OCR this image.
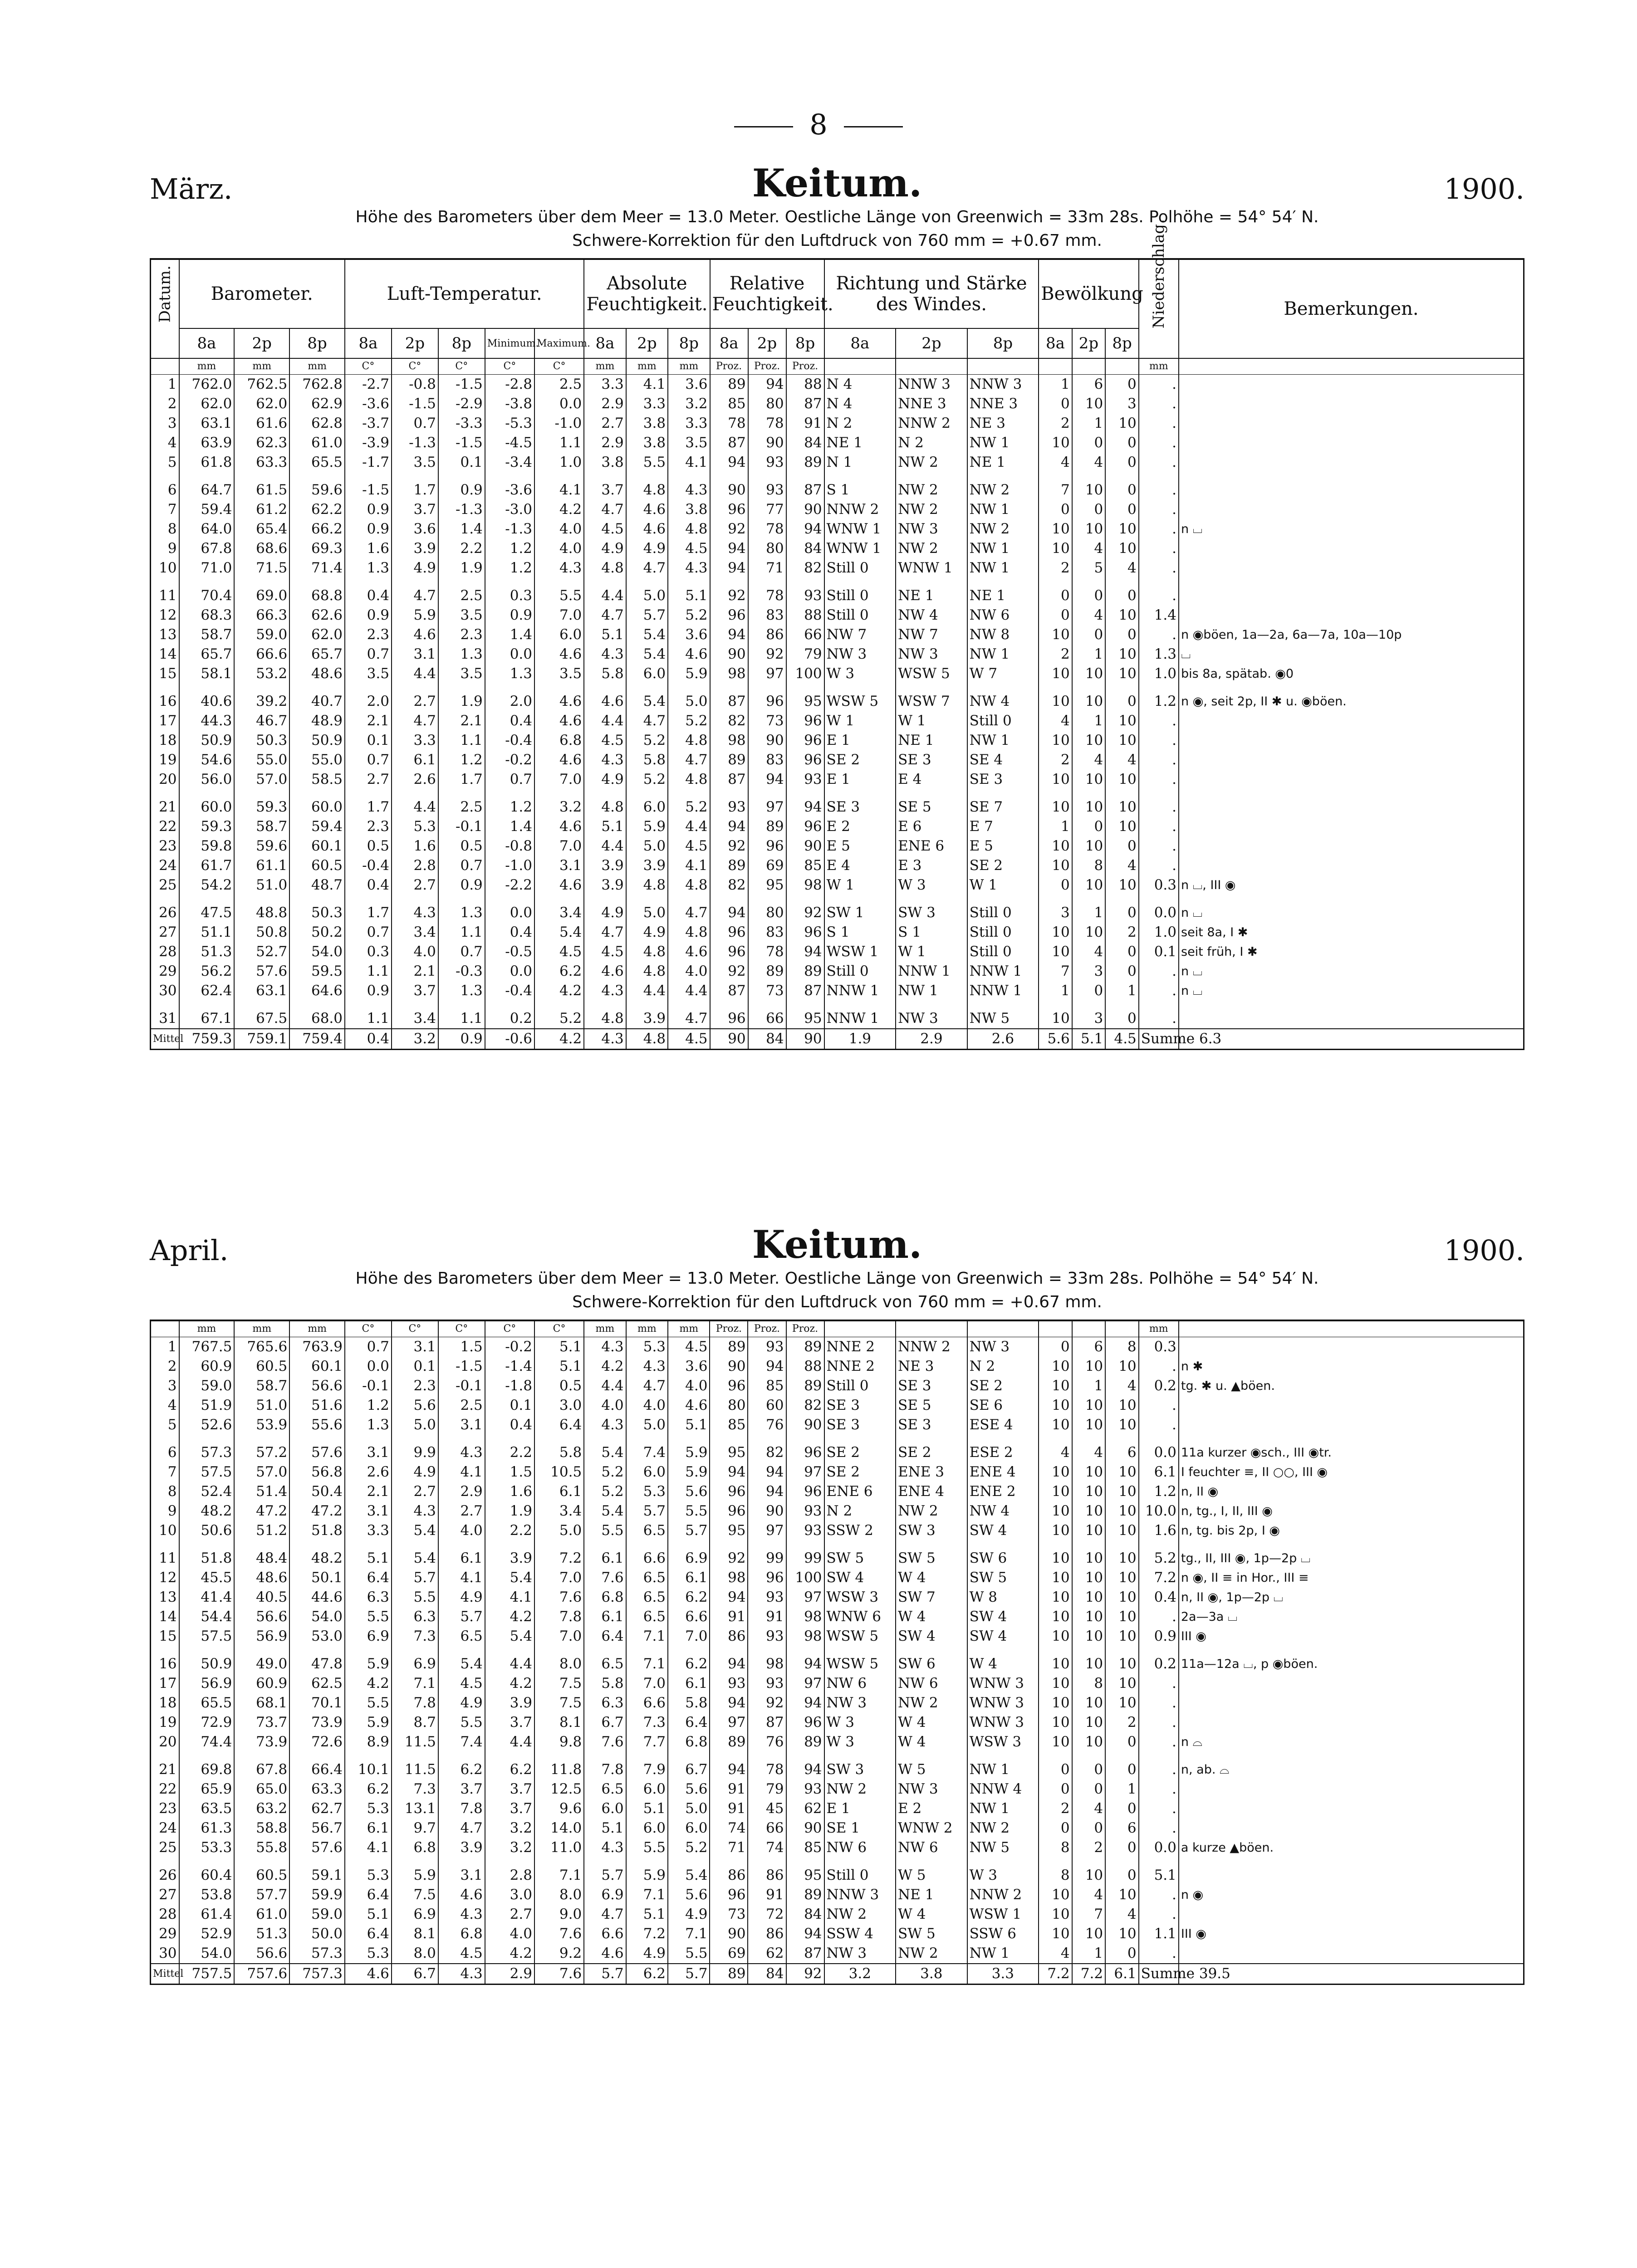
8
März.	Keitum.	1900.
Höhe des Barometers über dem Meer = 13.0 Meter. Oestliche Länge von Greenwich = 33m 28s. Polhöhe = 54° 54′ N.
Schwere-Korrektion für den Luftdruck von 760 mm = +0.67 mm.
Datum.	Barometer.			Luft-Temperatur.					Absolute Feuchtigkeit.			Relative Feuchtigkeit.			Richtung und Stärke des Windes.			Bewölkung			Niederschlag.	Bemerkungen.
	8a	2p	8p	8a	2p	8p	Minimum.	Maximum.	8a	2p	8p	8a	2p	8p	8a	2p	8p	8a	2p	8p		
	mm	mm	mm	C°	C°	C°	C°	C°	mm	mm	mm	Proz.	Proz.	Proz.							mm	
1	762.0	762.5	762.8	-2.7	-0.8	-1.5	-2.8	2.5	3.3	4.1	3.6	89	94	88	N 4	NNW 3	NNW 3	1	6	0	.	
2	62.0	62.0	62.9	-3.6	-1.5	-2.9	-3.8	0.0	2.9	3.3	3.2	85	80	87	N 4	NNE 3	NNE 3	0	10	3	.	
3	63.1	61.6	62.8	-3.7	0.7	-3.3	-5.3	-1.0	2.7	3.8	3.3	78	78	91	N 2	NNW 2	NE 3	2	1	10	.	
4	63.9	62.3	61.0	-3.9	-1.3	-1.5	-4.5	1.1	2.9	3.8	3.5	87	90	84	NE 1	N 2	NW 1	10	0	0	.	
5	61.8	63.3	65.5	-1.7	3.5	0.1	-3.4	1.0	3.8	5.5	4.1	94	93	89	N 1	NW 2	NE 1	4	4	0	.	

6	64.7	61.5	59.6	-1.5	1.7	0.9	-3.6	4.1	3.7	4.8	4.3	90	93	87	S 1	NW 2	NW 2	7	10	0	.	
7	59.4	61.2	62.2	0.9	3.7	-1.3	-3.0	4.2	4.7	4.6	3.8	96	77	90	NNW 2	NW 2	NW 1	0	0	0	.	
8	64.0	65.4	66.2	0.9	3.6	1.4	-1.3	4.0	4.5	4.6	4.8	92	78	94	WNW 1	NW 3	NW 2	10	10	10	.	n ⌴
9	67.8	68.6	69.3	1.6	3.9	2.2	1.2	4.0	4.9	4.9	4.5	94	80	84	WNW 1	NW 2	NW 1	10	4	10	.	
10	71.0	71.5	71.4	1.3	4.9	1.9	1.2	4.3	4.8	4.7	4.3	94	71	82	Still 0	WNW 1	NW 1	2	5	4	.	

11	70.4	69.0	68.8	0.4	4.7	2.5	0.3	5.5	4.4	5.0	5.1	92	78	93	Still 0	NE 1	NE 1	0	0	0	.	
12	68.3	66.3	62.6	0.9	5.9	3.5	0.9	7.0	4.7	5.7	5.2	96	83	88	Still 0	NW 4	NW 6	0	4	10	1.4	
13	58.7	59.0	62.0	2.3	4.6	2.3	1.4	6.0	5.1	5.4	3.6	94	86	66	NW 7	NW 7	NW 8	10	0	0	.	n ◉böen, 1a—2a, 6a—7a, 10a—10p
14	65.7	66.6	65.7	0.7	3.1	1.3	0.0	4.6	4.3	5.4	4.6	90	92	79	NW 3	NW 3	NW 1	2	1	10	1.3	⌴
15	58.1	53.2	48.6	3.5	4.4	3.5	1.3	3.5	5.8	6.0	5.9	98	97	100	W 3	WSW 5	W 7	10	10	10	1.0	bis 8a, spätab. ◉0

16	40.6	39.2	40.7	2.0	2.7	1.9	2.0	4.6	4.6	5.4	5.0	87	96	95	WSW 5	WSW 7	NW 4	10	10	0	1.2	n ◉, seit 2p, II ✱ u. ◉böen.
17	44.3	46.7	48.9	2.1	4.7	2.1	0.4	4.6	4.4	4.7	5.2	82	73	96	W 1	W 1	Still 0	4	1	10	.	
18	50.9	50.3	50.9	0.1	3.3	1.1	-0.4	6.8	4.5	5.2	4.8	98	90	96	E 1	NE 1	NW 1	10	10	10	.	
19	54.6	55.0	55.0	0.7	6.1	1.2	-0.2	4.6	4.3	5.8	4.7	89	83	96	SE 2	SE 3	SE 4	2	4	4	.	
20	56.0	57.0	58.5	2.7	2.6	1.7	0.7	7.0	4.9	5.2	4.8	87	94	93	E 1	E 4	SE 3	10	10	10	.	

21	60.0	59.3	60.0	1.7	4.4	2.5	1.2	3.2	4.8	6.0	5.2	93	97	94	SE 3	SE 5	SE 7	10	10	10	.	
22	59.3	58.7	59.4	2.3	5.3	-0.1	1.4	4.6	5.1	5.9	4.4	94	89	96	E 2	E 6	E 7	1	0	10	.	
23	59.8	59.6	60.1	0.5	1.6	0.5	-0.8	7.0	4.4	5.0	4.5	92	96	90	E 5	ENE 6	E 5	10	10	0	.	
24	61.7	61.1	60.5	-0.4	2.8	0.7	-1.0	3.1	3.9	3.9	4.1	89	69	85	E 4	E 3	SE 2	10	8	4	.	
25	54.2	51.0	48.7	0.4	2.7	0.9	-2.2	4.6	3.9	4.8	4.8	82	95	98	W 1	W 3	W 1	0	10	10	0.3	n ⌴, III ◉

26	47.5	48.8	50.3	1.7	4.3	1.3	0.0	3.4	4.9	5.0	4.7	94	80	92	SW 1	SW 3	Still 0	3	1	0	0.0	n ⌴
27	51.1	50.8	50.2	0.7	3.4	1.1	0.4	5.4	4.7	4.9	4.8	96	83	96	S 1	S 1	Still 0	10	10	2	1.0	seit 8a, I ✱
28	51.3	52.7	54.0	0.3	4.0	0.7	-0.5	4.5	4.5	4.8	4.6	96	78	94	WSW 1	W 1	Still 0	10	4	0	0.1	seit früh, I ✱
29	56.2	57.6	59.5	1.1	2.1	-0.3	0.0	6.2	4.6	4.8	4.0	92	89	89	Still 0	NNW 1	NNW 1	7	3	0	.	n ⌴
30	62.4	63.1	64.6	0.9	3.7	1.3	-0.4	4.2	4.3	4.4	4.4	87	73	87	NNW 1	NW 1	NNW 1	1	0	1	.	n ⌴

31	67.1	67.5	68.0	1.1	3.4	1.1	0.2	5.2	4.8	3.9	4.7	96	66	95	NNW 1	NW 3	NW 5	10	3	0	.	
Mittel	759.3	759.1	759.4	0.4	3.2	0.9	-0.6	4.2	4.3	4.8	4.5	90	84	90	1.9	2.9	2.6	5.6	5.1	4.5	Summe 6.3	
April.	Keitum.	1900.
Höhe des Barometers über dem Meer = 13.0 Meter. Oestliche Länge von Greenwich = 33m 28s. Polhöhe = 54° 54′ N.
Schwere-Korrektion für den Luftdruck von 760 mm = +0.67 mm.
	mm	mm	mm	C°	C°	C°	C°	C°	mm	mm	mm	Proz.	Proz.	Proz.							mm	
1	767.5	765.6	763.9	0.7	3.1	1.5	-0.2	5.1	4.3	5.3	4.5	89	93	89	NNE 2	NNW 2	NW 3	0	6	8	0.3	
2	60.9	60.5	60.1	0.0	0.1	-1.5	-1.4	5.1	4.2	4.3	3.6	90	94	88	NNE 2	NE 3	N 2	10	10	10	.	n ✱
3	59.0	58.7	56.6	-0.1	2.3	-0.1	-1.8	0.5	4.4	4.7	4.0	96	85	89	Still 0	SE 3	SE 2	10	1	4	0.2	tg. ✱ u. ▲böen.
4	51.9	51.0	51.6	1.2	5.6	2.5	0.1	3.0	4.0	4.0	4.6	80	60	82	SE 3	SE 5	SE 6	10	10	10	.	
5	52.6	53.9	55.6	1.3	5.0	3.1	0.4	6.4	4.3	5.0	5.1	85	76	90	SE 3	SE 3	ESE 4	10	10	10	.	

6	57.3	57.2	57.6	3.1	9.9	4.3	2.2	5.8	5.4	7.4	5.9	95	82	96	SE 2	SE 2	ESE 2	4	4	6	0.0	11a kurzer ◉sch., III ◉tr.
7	57.5	57.0	56.8	2.6	4.9	4.1	1.5	10.5	5.2	6.0	5.9	94	94	97	SE 2	ENE 3	ENE 4	10	10	10	6.1	I feuchter ≡, II ○○, III ◉
8	52.4	51.4	50.4	2.1	2.7	2.9	1.6	6.1	5.2	5.3	5.6	96	94	96	ENE 6	ENE 4	ENE 2	10	10	10	1.2	n, II ◉
9	48.2	47.2	47.2	3.1	4.3	2.7	1.9	3.4	5.4	5.7	5.5	96	90	93	N 2	NW 2	NW 4	10	10	10	10.0	n, tg., I, II, III ◉
10	50.6	51.2	51.8	3.3	5.4	4.0	2.2	5.0	5.5	6.5	5.7	95	97	93	SSW 2	SW 3	SW 4	10	10	10	1.6	n, tg. bis 2p, I ◉

11	51.8	48.4	48.2	5.1	5.4	6.1	3.9	7.2	6.1	6.6	6.9	92	99	99	SW 5	SW 5	SW 6	10	10	10	5.2	tg., II, III ◉, 1p—2p ⌴
12	45.5	48.6	50.1	6.4	5.7	4.1	5.4	7.0	7.6	6.5	6.1	98	96	100	SW 4	W 4	SW 5	10	10	10	7.2	n ◉, II ≡ in Hor., III ≡
13	41.4	40.5	44.6	6.3	5.5	4.9	4.1	7.6	6.8	6.5	6.2	94	93	97	WSW 3	SW 7	W 8	10	10	10	0.4	n, II ◉, 1p—2p ⌴
14	54.4	56.6	54.0	5.5	6.3	5.7	4.2	7.8	6.1	6.5	6.6	91	91	98	WNW 6	W 4	SW 4	10	10	10	.	2a—3a ⌴
15	57.5	56.9	53.0	6.9	7.3	6.5	5.4	7.0	6.4	7.1	7.0	86	93	98	WSW 5	SW 4	SW 4	10	10	10	0.9	III ◉

16	50.9	49.0	47.8	5.9	6.9	5.4	4.4	8.0	6.5	7.1	6.2	94	98	94	WSW 5	SW 6	W 4	10	10	10	0.2	11a—12a ⌴, p ◉böen.
17	56.9	60.9	62.5	4.2	7.1	4.5	4.2	7.5	5.8	7.0	6.1	93	93	97	NW 6	NW 6	WNW 3	10	8	10	.	
18	65.5	68.1	70.1	5.5	7.8	4.9	3.9	7.5	6.3	6.6	5.8	94	92	94	NW 3	NW 2	WNW 3	10	10	10	.	
19	72.9	73.7	73.9	5.9	8.7	5.5	3.7	8.1	6.7	7.3	6.4	97	87	96	W 3	W 4	WNW 3	10	10	2	.	
20	74.4	73.9	72.6	8.9	11.5	7.4	4.4	9.8	7.6	7.7	6.8	89	76	89	W 3	W 4	WSW 3	10	10	0	.	n ⌓

21	69.8	67.8	66.4	10.1	11.5	6.2	6.2	11.8	7.8	7.9	6.7	94	78	94	SW 3	W 5	NW 1	0	0	0	.	n, ab. ⌓
22	65.9	65.0	63.3	6.2	7.3	3.7	3.7	12.5	6.5	6.0	5.6	91	79	93	NW 2	NW 3	NNW 4	0	0	1	.	
23	63.5	63.2	62.7	5.3	13.1	7.8	3.7	9.6	6.0	5.1	5.0	91	45	62	E 1	E 2	NW 1	2	4	0	.	
24	61.3	58.8	56.7	6.1	9.7	4.7	3.2	14.0	5.1	6.0	6.0	74	66	90	SE 1	WNW 2	NW 2	0	0	6	.	
25	53.3	55.8	57.6	4.1	6.8	3.9	3.2	11.0	4.3	5.5	5.2	71	74	85	NW 6	NW 6	NW 5	8	2	0	0.0	a kurze ▲böen.

26	60.4	60.5	59.1	5.3	5.9	3.1	2.8	7.1	5.7	5.9	5.4	86	86	95	Still 0	W 5	W 3	8	10	0	5.1	
27	53.8	57.7	59.9	6.4	7.5	4.6	3.0	8.0	6.9	7.1	5.6	96	91	89	NNW 3	NE 1	NNW 2	10	4	10	.	n ◉
28	61.4	61.0	59.0	5.1	6.9	4.3	2.7	9.0	4.7	5.1	4.9	73	72	84	NW 2	W 4	WSW 1	10	7	4	.	
29	52.9	51.3	50.0	6.4	8.1	6.8	4.0	7.6	6.6	7.2	7.1	90	86	94	SSW 4	SW 5	SSW 6	10	10	10	1.1	III ◉
30	54.0	56.6	57.3	5.3	8.0	4.5	4.2	9.2	4.6	4.9	5.5	69	62	87	NW 3	NW 2	NW 1	4	1	0	.	
Mittel	757.5	757.6	757.3	4.6	6.7	4.3	2.9	7.6	5.7	6.2	5.7	89	84	92	3.2	3.8	3.3	7.2	7.2	6.1	Summe 39.5	
